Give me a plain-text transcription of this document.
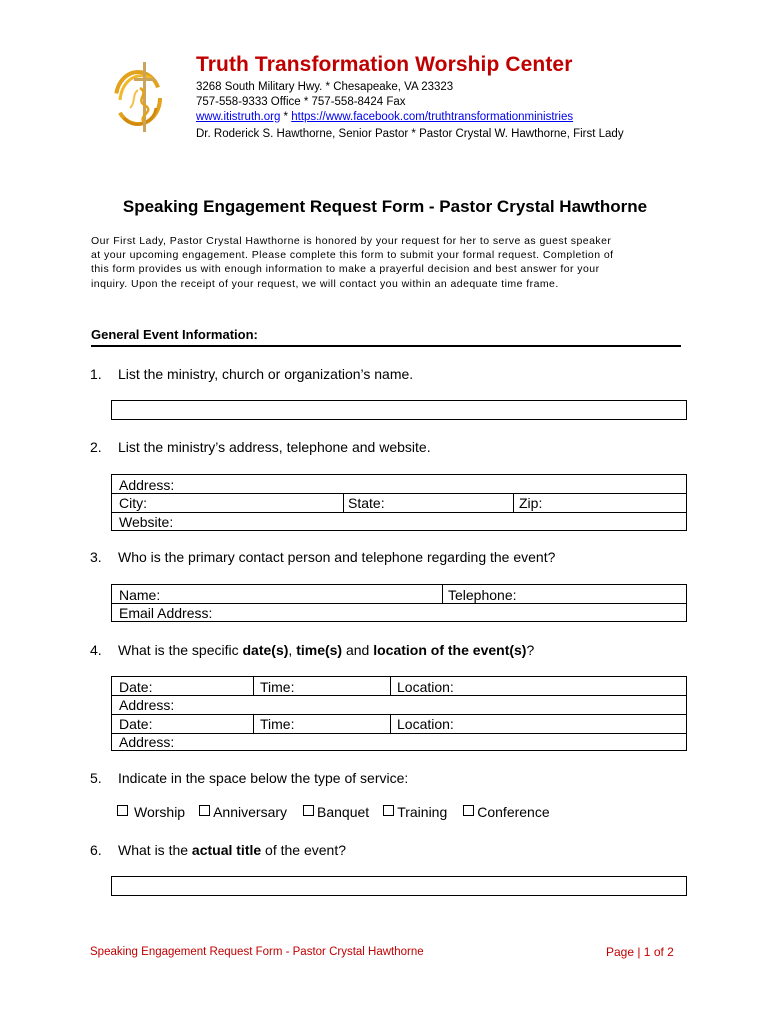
Truth Transformation Worship Center
3268 South Military Hwy. * Chesapeake, VA 23323
757-558-9333 Office * 757-558-8424 Fax
www.itistruth.org * https://www.facebook.com/truthtransformationministries
Dr. Roderick S. Hawthorne, Senior Pastor * Pastor Crystal W. Hawthorne, First Lady
Speaking Engagement Request Form - Pastor Crystal Hawthorne
Our First Lady, Pastor Crystal Hawthorne is honored by your request for her to serve as guest speaker
at your upcoming engagement. Please complete this form to submit your formal request. Completion of
this form provides us with enough information to make a prayerful decision and best answer for your
inquiry. Upon the receipt of your request, we will contact you within an adequate time frame.
General Event Information:
1. List the ministry, church or organization’s name.
2. List the ministry’s address, telephone and website.
Address:
City:	State:	Zip:
Website:
3. Who is the primary contact person and telephone regarding the event?
Name:	Telephone:
Email Address:
4. What is the specific date(s), time(s) and location of the event(s)?
Date:	Time:	Location:
Address:
Date:	Time:	Location:
Address:
5. Indicate in the space below the type of service:
Worship Anniversary Banquet Training Conference
6. What is the actual title of the event?
Speaking Engagement Request Form - Pastor Crystal Hawthorne	Page | 1 of 2
